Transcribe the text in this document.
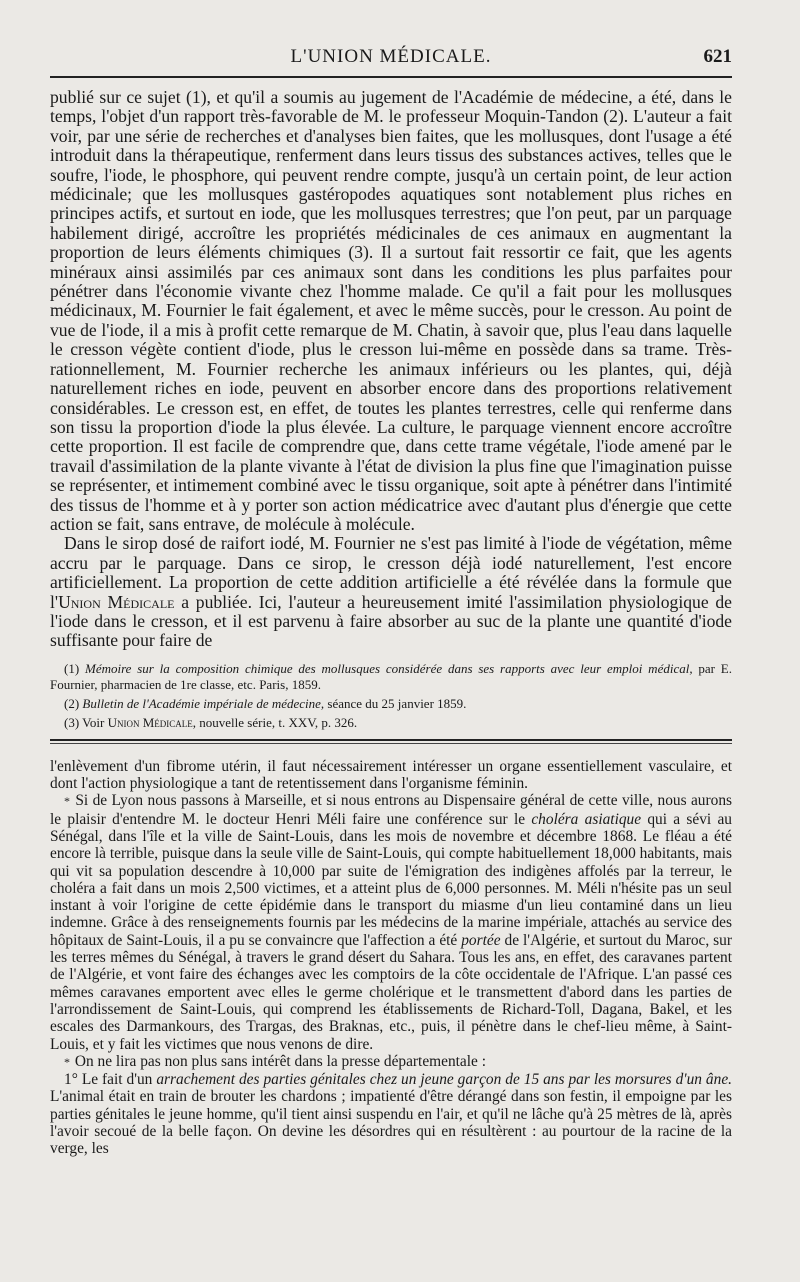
L'UNION MÉDICALE.	621

publié sur ce sujet (1), et qu'il a soumis au jugement de l'Académie de médecine, a été, dans le temps, l'objet d'un rapport très-favorable de M. le professeur Moquin-Tandon (2). L'auteur a fait voir, par une série de recherches et d'analyses bien faites, que les mollusques, dont l'usage a été introduit dans la thérapeutique, renferment dans leurs tissus des substances actives, telles que le soufre, l'iode, le phosphore, qui peuvent rendre compte, jusqu'à un certain point, de leur action médicinale; que les mollusques gastéropodes aquatiques sont notablement plus riches en principes actifs, et surtout en iode, que les mollusques terrestres; que l'on peut, par un parquage habilement dirigé, accroître les propriétés médicinales de ces animaux en augmentant la proportion de leurs éléments chimiques (3). Il a surtout fait ressortir ce fait, que les agents minéraux ainsi assimilés par ces animaux sont dans les conditions les plus parfaites pour pénétrer dans l'économie vivante chez l'homme malade. Ce qu'il a fait pour les mollusques médicinaux, M. Fournier le fait également, et avec le même succès, pour le cresson. Au point de vue de l'iode, il a mis à profit cette remarque de M. Chatin, à savoir que, plus l'eau dans laquelle le cresson végète contient d'iode, plus le cresson lui-même en possède dans sa trame. Très-rationnellement, M. Fournier recherche les animaux inférieurs ou les plantes, qui, déjà naturellement riches en iode, peuvent en absorber encore dans des proportions relativement considérables. Le cresson est, en effet, de toutes les plantes terrestres, celle qui renferme dans son tissu la proportion d'iode la plus élevée. La culture, le parquage viennent encore accroître cette proportion. Il est facile de comprendre que, dans cette trame végétale, l'iode amené par le travail d'assimilation de la plante vivante à l'état de division la plus fine que l'imagination puisse se représenter, et intimement combiné avec le tissu organique, soit apte à pénétrer dans l'intimité des tissus de l'homme et à y porter son action médicatrice avec d'autant plus d'énergie que cette action se fait, sans entrave, de molécule à molécule.

Dans le sirop dosé de raifort iodé, M. Fournier ne s'est pas limité à l'iode de végétation, même accru par le parquage. Dans ce sirop, le cresson déjà iodé naturellement, l'est encore artificiellement. La proportion de cette addition artificielle a été révélée dans la formule que l'Union Médicale a publiée. Ici, l'auteur a heureusement imité l'assimilation physiologique de l'iode dans le cresson, et il est parvenu à faire absorber au suc de la plante une quantité d'iode suffisante pour faire de

(1) Mémoire sur la composition chimique des mollusques considérée dans ses rapports avec leur emploi médical, par E. Fournier, pharmacien de 1re classe, etc. Paris, 1859.

(2) Bulletin de l'Académie impériale de médecine, séance du 25 janvier 1859.

(3) Voir Union Médicale, nouvelle série, t. XXV, p. 326.

l'enlèvement d'un fibrome utérin, il faut nécessairement intéresser un organe essentiellement vasculaire, et dont l'action physiologique a tant de retentissement dans l'organisme féminin.

* Si de Lyon nous passons à Marseille, et si nous entrons au Dispensaire général de cette ville, nous aurons le plaisir d'entendre M. le docteur Henri Méli faire une conférence sur le choléra asiatique qui a sévi au Sénégal, dans l'île et la ville de Saint-Louis, dans les mois de novembre et décembre 1868. Le fléau a été encore là terrible, puisque dans la seule ville de Saint-Louis, qui compte habituellement 18,000 habitants, mais qui vit sa population descendre à 10,000 par suite de l'émigration des indigènes affolés par la terreur, le choléra a fait dans un mois 2,500 victimes, et a atteint plus de 6,000 personnes. M. Méli n'hésite pas un seul instant à voir l'origine de cette épidémie dans le transport du miasme d'un lieu contaminé dans un lieu indemne. Grâce à des renseignements fournis par les médecins de la marine impériale, attachés au service des hôpitaux de Saint-Louis, il a pu se convaincre que l'affection a été portée de l'Algérie, et surtout du Maroc, sur les terres mêmes du Sénégal, à travers le grand désert du Sahara. Tous les ans, en effet, des caravanes partent de l'Algérie, et vont faire des échanges avec les comptoirs de la côte occidentale de l'Afrique. L'an passé ces mêmes caravanes emportent avec elles le germe cholérique et le transmettent d'abord dans les parties de l'arrondissement de Saint-Louis, qui comprend les établissements de Richard-Toll, Dagana, Bakel, et les escales des Darmankours, des Trargas, des Braknas, etc., puis, il pénètre dans le chef-lieu même, à Saint-Louis, et y fait les victimes que nous venons de dire.

* On ne lira pas non plus sans intérêt dans la presse départementale :

1° Le fait d'un arrachement des parties génitales chez un jeune garçon de 15 ans par les morsures d'un âne. L'animal était en train de brouter les chardons ; impatienté d'être dérangé dans son festin, il empoigne par les parties génitales le jeune homme, qu'il tient ainsi suspendu en l'air, et qu'il ne lâche qu'à 25 mètres de là, après l'avoir secoué de la belle façon. On devine les désordres qui en résultèrent : au pourtour de la racine de la verge, les
